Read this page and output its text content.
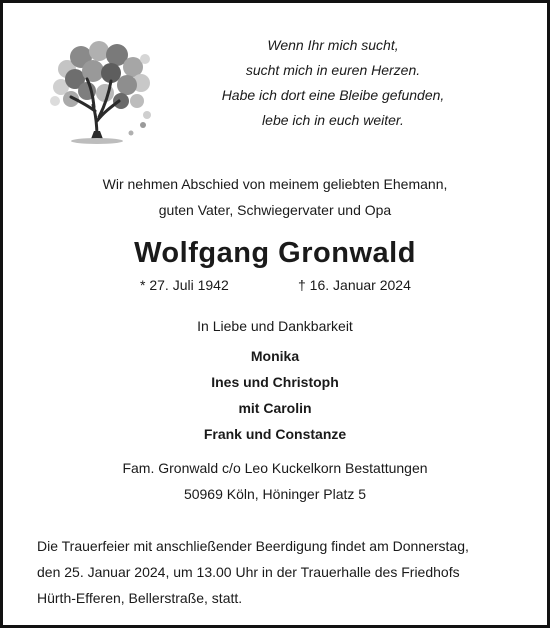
Wenn Ihr mich sucht,
sucht mich in euren Herzen.
Habe ich dort eine Bleibe gefunden,
lebe ich in euch weiter.
Wir nehmen Abschied von meinem geliebten Ehemann,
guten Vater, Schwiegervater und Opa
Wolfgang Gronwald
* 27. Juli 1942	† 16. Januar 2024
In Liebe und Dankbarkeit
Monika
Ines und Christoph
mit Carolin
Frank und Constanze
Fam. Gronwald c/o Leo Kuckelkorn Bestattungen
50969 Köln, Höninger Platz 5
Die Trauerfeier mit anschließender Beerdigung findet am Donnerstag,
den 25. Januar 2024, um 13.00 Uhr in der Trauerhalle des Friedhofs
Hürth-Efferen, Bellerstraße, statt.
